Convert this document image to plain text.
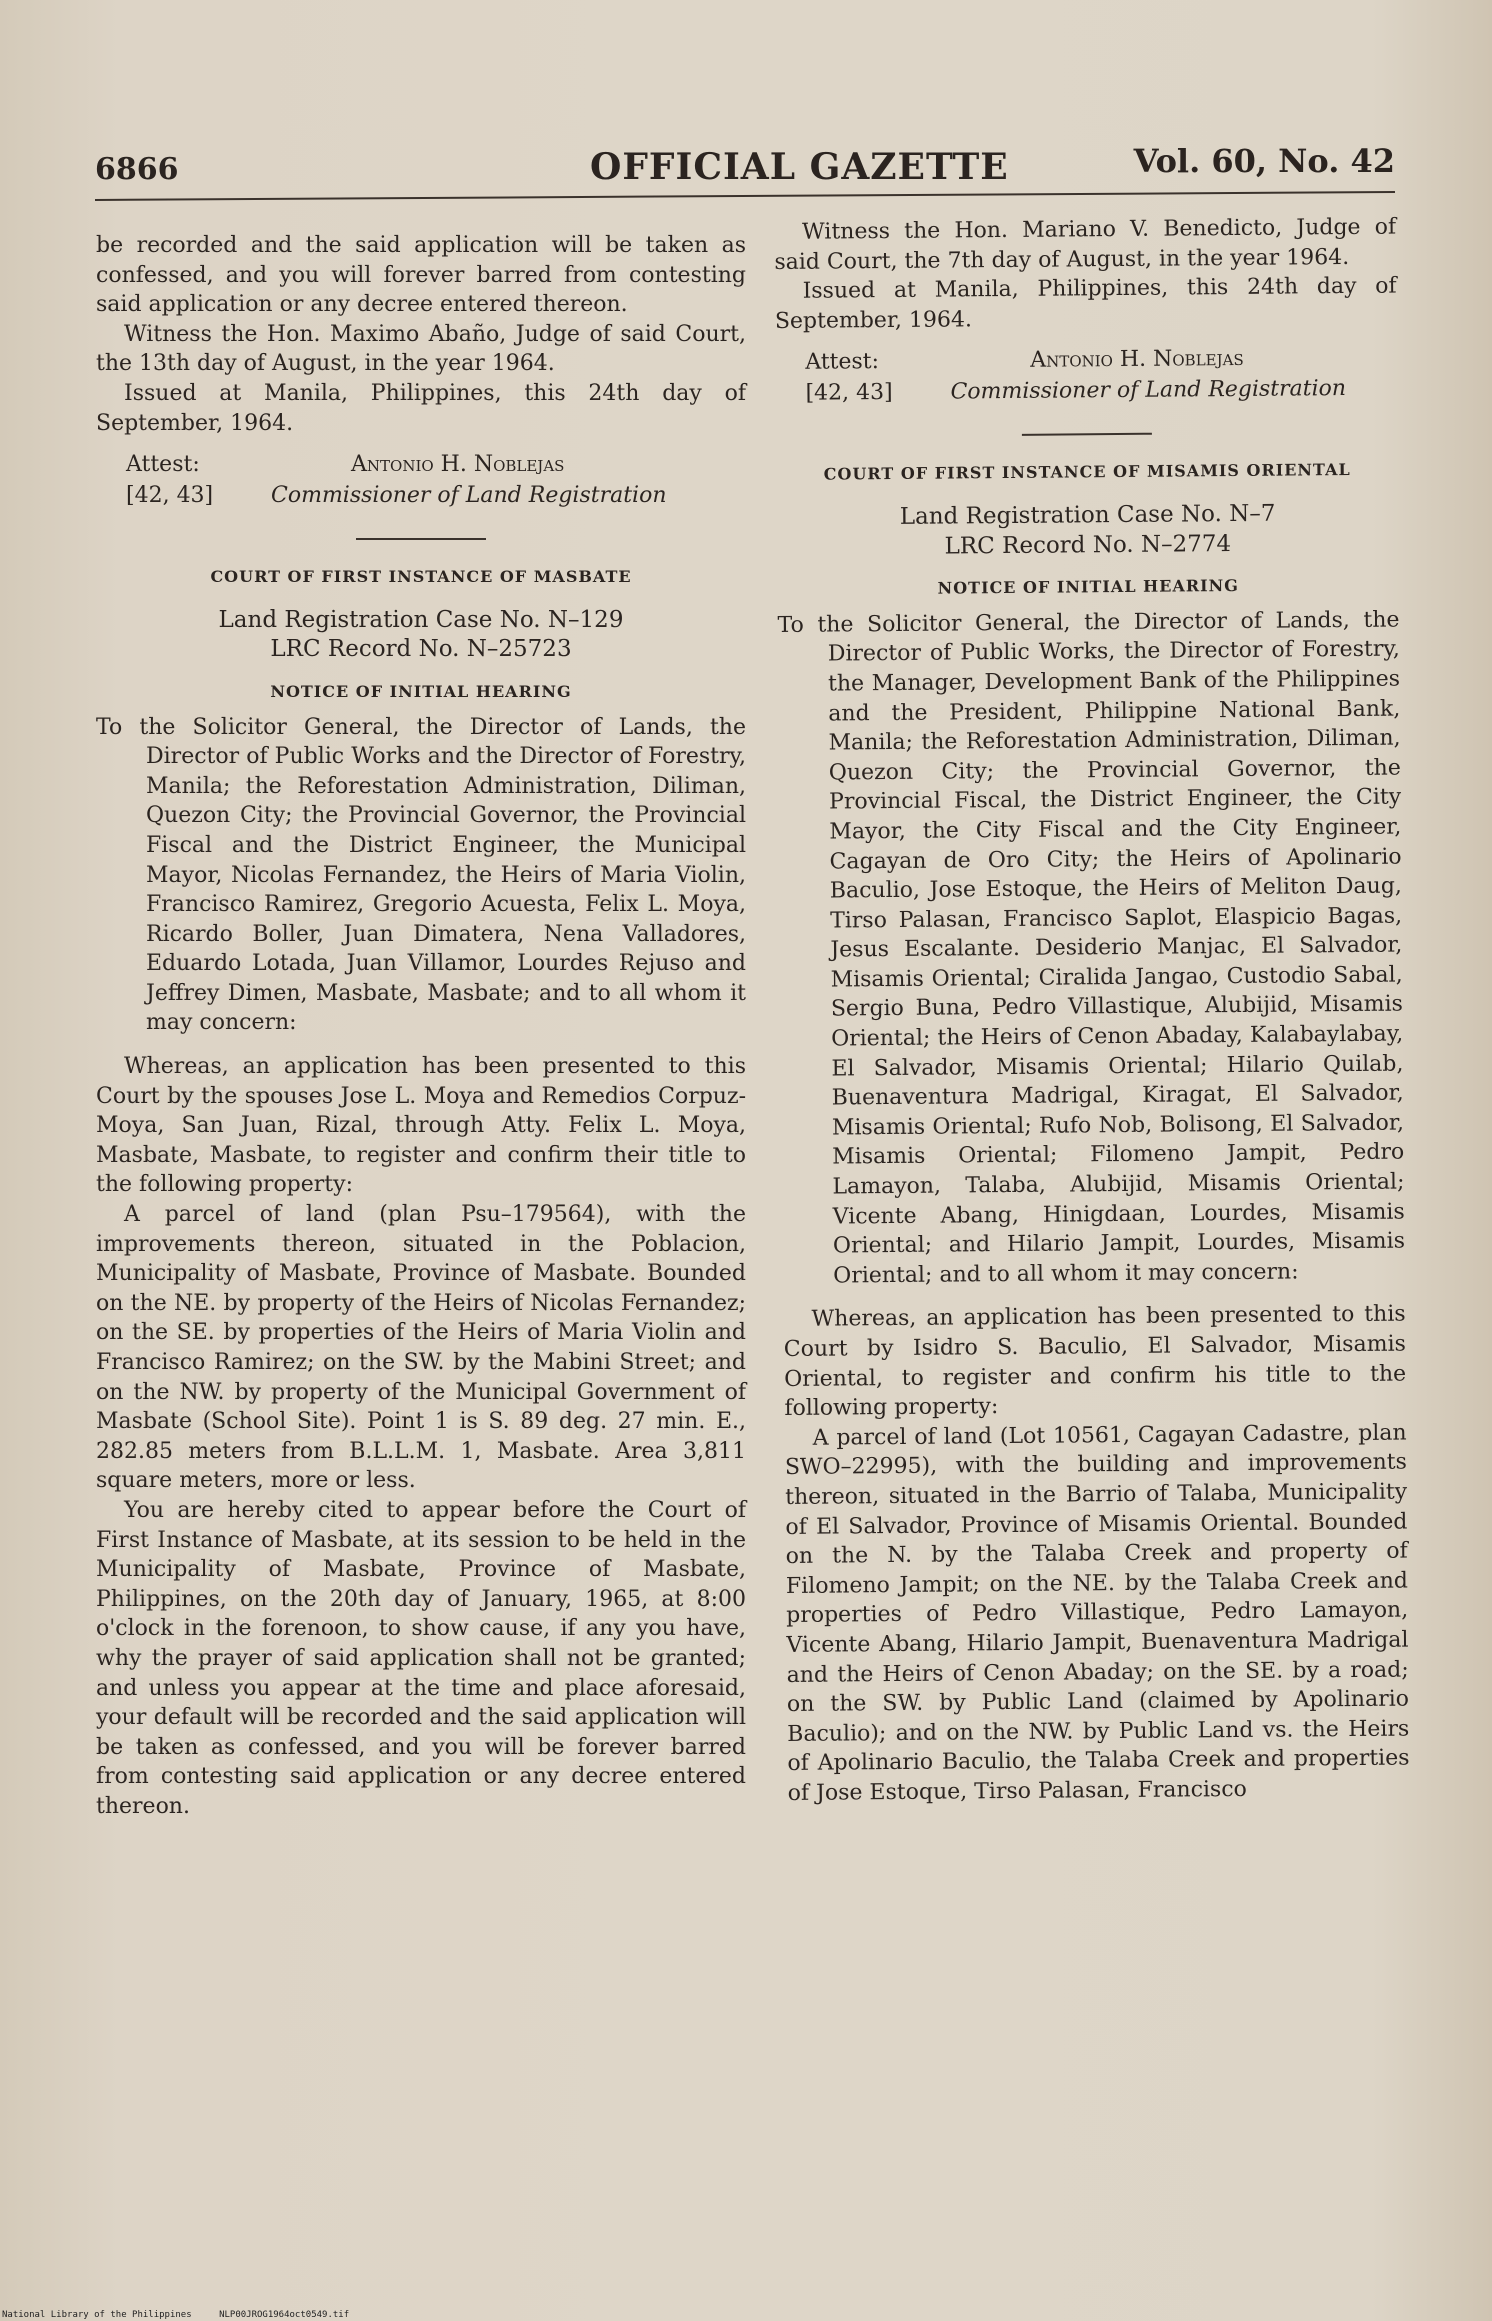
6866	OFFICIAL GAZETTE	Vol. 60, No. 42

be recorded and the said application will be taken as confessed, and you will forever barred from contesting said application or any decree entered thereon.

Witness the Hon. Maximo Abaño, Judge of said Court, the 13th day of August, in the year 1964.

Issued at Manila, Philippines, this 24th day of September, 1964.

Attest:
[42, 43]
Antonio H. Noblejas
Commissioner of Land Registration
COURT OF FIRST INSTANCE OF MASBATE
Land Registration Case No. N–129
LRC Record No. N–25723
NOTICE OF INITIAL HEARING

To the Solicitor General, the Director of Lands, the Director of Public Works and the Director of Forestry, Manila; the Reforestation Administration, Diliman, Quezon City; the Provincial Governor, the Provincial Fiscal and the District Engineer, the Municipal Mayor, Nicolas Fernandez, the Heirs of Maria Violin, Francisco Ramirez, Gregorio Acuesta, Felix L. Moya, Ricardo Boller, Juan Dimatera, Nena Valladores, Eduardo Lotada, Juan Villamor, Lourdes Rejuso and Jeffrey Dimen, Masbate, Masbate; and to all whom it may concern:

Whereas, an application has been presented to this Court by the spouses Jose L. Moya and Remedios Corpuz-Moya, San Juan, Rizal, through Atty. Felix L. Moya, Masbate, Masbate, to register and confirm their title to the following property:

A parcel of land (plan Psu–179564), with the improvements thereon, situated in the Poblacion, Municipality of Masbate, Province of Masbate. Bounded on the NE. by property of the Heirs of Nicolas Fernandez; on the SE. by properties of the Heirs of Maria Violin and Francisco Ramirez; on the SW. by the Mabini Street; and on the NW. by property of the Municipal Government of Masbate (School Site). Point 1 is S. 89 deg. 27 min. E., 282.85 meters from B.L.L.M. 1, Masbate. Area 3,811 square meters, more or less.

You are hereby cited to appear before the Court of First Instance of Masbate, at its session to be held in the Municipality of Masbate, Province of Masbate, Philippines, on the 20th day of January, 1965, at 8:00 o'clock in the forenoon, to show cause, if any you have, why the prayer of said application shall not be granted; and unless you appear at the time and place aforesaid, your default will be recorded and the said application will be taken as confessed, and you will be forever barred from contesting said application or any decree entered thereon.

Witness the Hon. Mariano V. Benedicto, Judge of said Court, the 7th day of August, in the year 1964.

Issued at Manila, Philippines, this 24th day of September, 1964.

Attest:
[42, 43]
Antonio H. Noblejas
Commissioner of Land Registration
COURT OF FIRST INSTANCE OF MISAMIS ORIENTAL
Land Registration Case No. N–7
LRC Record No. N–2774
NOTICE OF INITIAL HEARING

To the Solicitor General, the Director of Lands, the Director of Public Works, the Director of Forestry, the Manager, Development Bank of the Philippines and the President, Philippine National Bank, Manila; the Reforestation Administration, Diliman, Quezon City; the Provincial Governor, the Provincial Fiscal, the District Engineer, the City Mayor, the City Fiscal and the City Engineer, Cagayan de Oro City; the Heirs of Apolinario Baculio, Jose Estoque, the Heirs of Meliton Daug, Tirso Palasan, Francisco Saplot, Elaspicio Bagas, Jesus Escalante. Desiderio Manjac, El Salvador, Misamis Oriental; Ciralida Jangao, Custodio Sabal, Sergio Buna, Pedro Villastique, Alubijid, Misamis Oriental; the Heirs of Cenon Abaday, Kalabaylabay, El Salvador, Misamis Oriental; Hilario Quilab, Buenaventura Madrigal, Kiragat, El Salvador, Misamis Oriental; Rufo Nob, Bolisong, El Salvador, Misamis Oriental; Filomeno Jampit, Pedro Lamayon, Talaba, Alubijid, Misamis Oriental; Vicente Abang, Hinigdaan, Lourdes, Misamis Oriental; and Hilario Jampit, Lourdes, Misamis Oriental; and to all whom it may concern:

Whereas, an application has been presented to this Court by Isidro S. Baculio, El Salvador, Misamis Oriental, to register and confirm his title to the following property:

A parcel of land (Lot 10561, Cagayan Cadastre, plan SWO–22995), with the building and improvements thereon, situated in the Barrio of Talaba, Municipality of El Salvador, Province of Misamis Oriental. Bounded on the N. by the Talaba Creek and property of Filomeno Jampit; on the NE. by the Talaba Creek and properties of Pedro Villastique, Pedro Lamayon, Vicente Abang, Hilario Jampit, Buenaventura Madrigal and the Heirs of Cenon Abaday; on the SE. by a road; on the SW. by Public Land (claimed by Apolinario Baculio); and on the NW. by Public Land vs. the Heirs of Apolinario Baculio, the Talaba Creek and properties of Jose Estoque, Tirso Palasan, Francisco

National Library of the Philippines	NLP00JROG1964oct0549.tif
